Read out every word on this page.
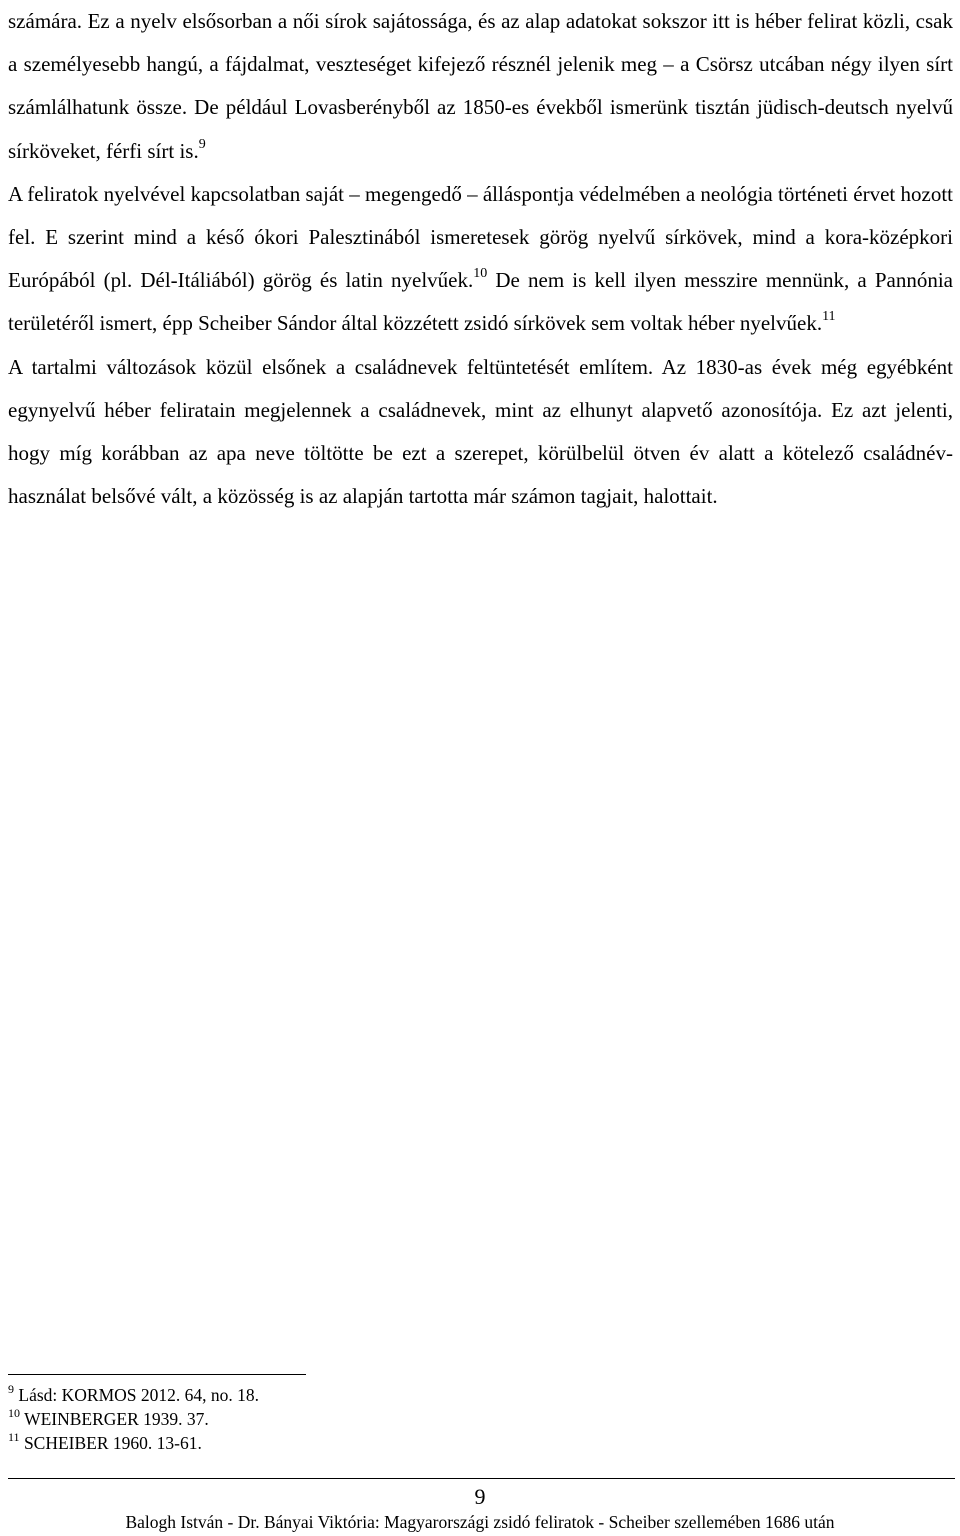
számára. Ez a nyelv elsősorban a női sírok sajátossága, és az alap adatokat sokszor itt is héber felirat közli, csak a személyesebb hangú, a fájdalmat, veszteséget kifejező résznél jelenik meg – a Csörsz utcában négy ilyen sírt számlálhatunk össze. De például Lovasberényből az 1850-es évekből ismerünk tisztán jüdisch-deutsch nyelvű sírköveket, férfi sírt is.$^9$

A feliratok nyelvével kapcsolatban saját – megengedő – álláspontja védelmében a neológia történeti érvet hozott fel. E szerint mind a késő ókori Palesztinából ismeretesek görög nyelvű sírkövek, mind a kora-középkori Európából (pl. Dél-Itáliából) görög és latin nyelvűek.$^{10}$ De nem is kell ilyen messzire mennünk, a Pannónia területéről ismert, épp Scheiber Sándor által közzétett zsidó sírkövek sem voltak héber nyelvűek.$^{11}$

A tartalmi változások közül elsőnek a családnevek feltüntetését említem. Az 1830-as évek még egyébként egynyelvű héber feliratain megjelennek a családnevek, mint az elhunyt alapvető azonosítója. Ez azt jelenti, hogy míg korábban az apa neve töltötte be ezt a szerepet, körülbelül ötven év alatt a kötelező családnév-használat belsővé vált, a közösség is az alapján tartotta már számon tagjait, halottait.

$^9$ Lásd: KORMOS 2012. 64, no. 18.

$^{10}$ WEINBERGER 1939. 37.

$^{11}$ SCHEIBER 1960. 13-61.

9
Balogh István - Dr. Bányai Viktória: Magyarországi zsidó feliratok - Scheiber szellemében 1686 után
